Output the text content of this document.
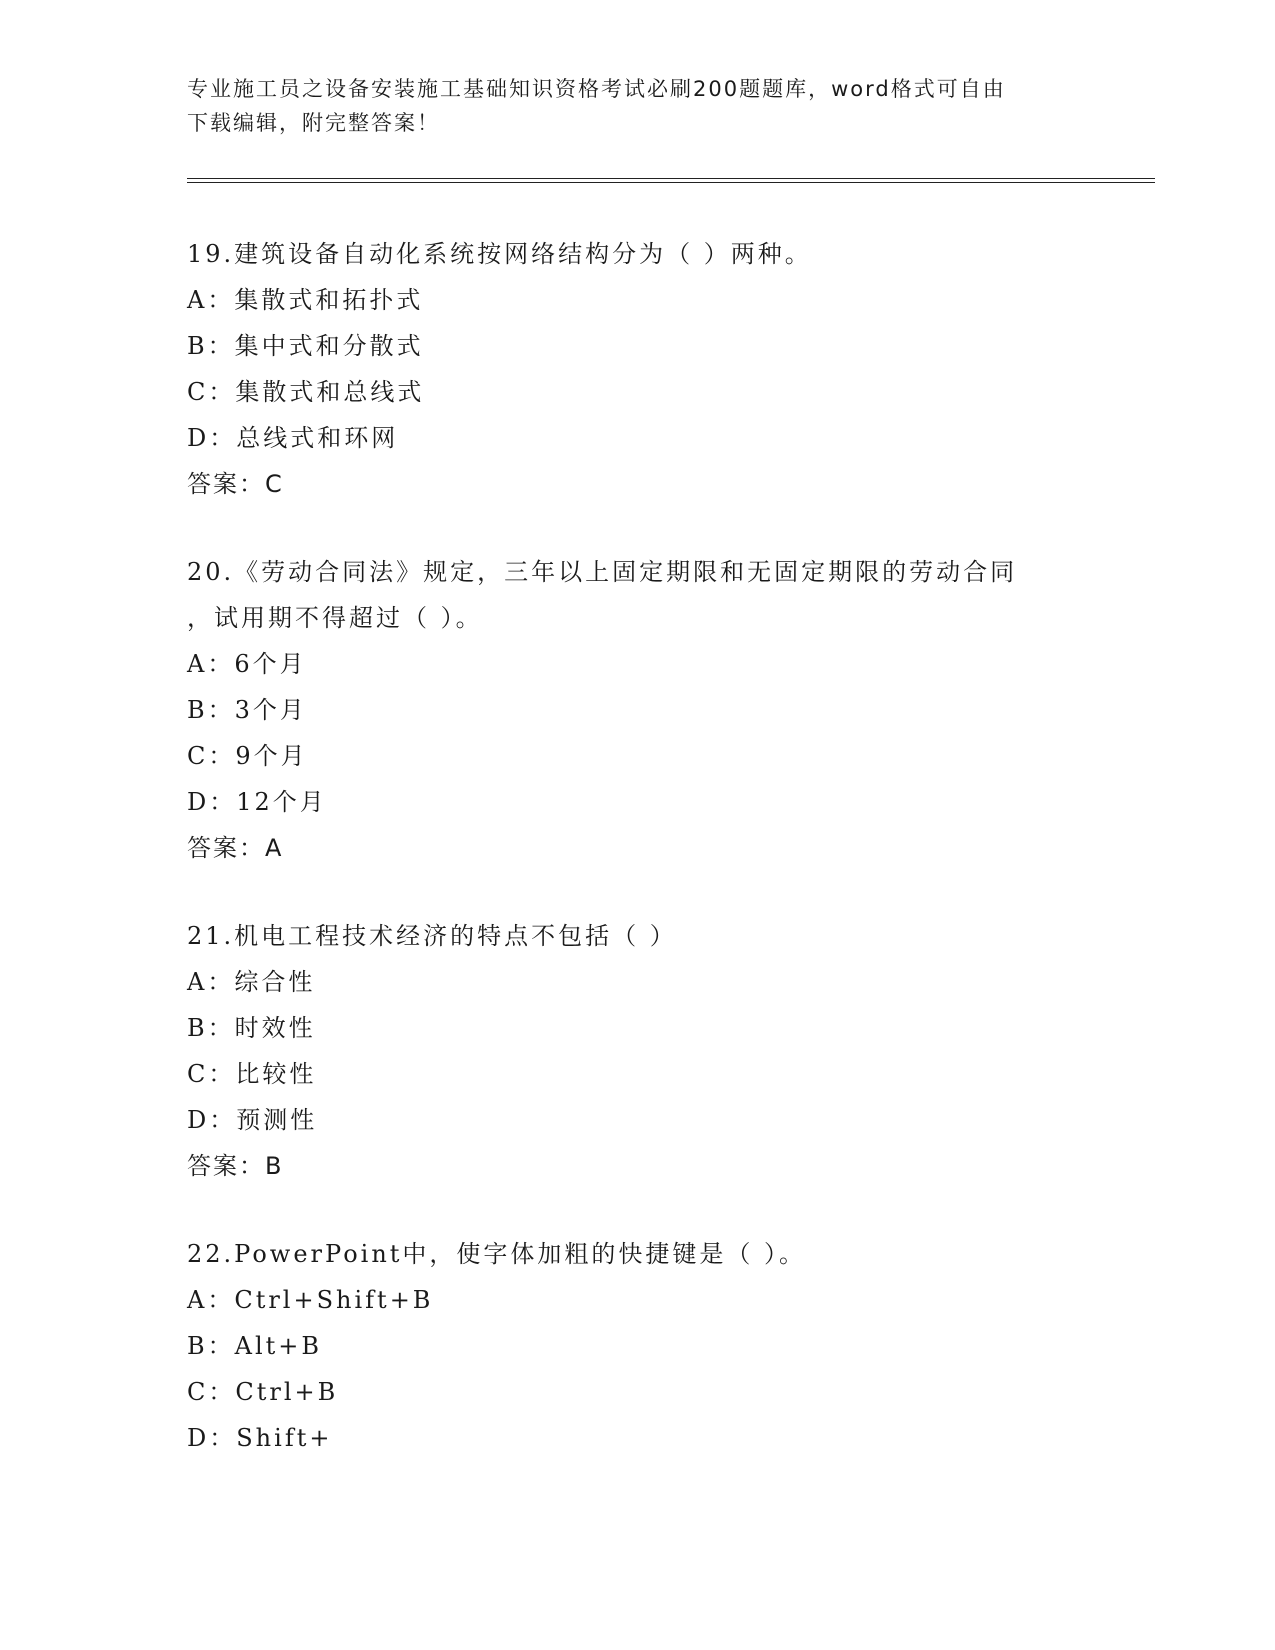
专业施工员之设备安装施工基础知识资格考试必刷200题题库，word格式可自由
下载编辑，附完整答案！

19.建筑设备自动化系统按网络结构分为（ ）两种。

A：集散式和拓扑式

B：集中式和分散式

C：集散式和总线式

D：总线式和环网

答案：C

20.《劳动合同法》规定，三年以上固定期限和无固定期限的劳动合同

，试用期不得超过（ ）。

A：6个月

B：3个月

C：9个月

D：12个月

答案：A

21.机电工程技术经济的特点不包括（ ）

A：综合性

B：时效性

C：比较性

D：预测性

答案：B

22.PowerPoint中，使字体加粗的快捷键是（ ）。

A：Ctrl+Shift+B

B：Alt+B

C：Ctrl+B

D：Shift+
